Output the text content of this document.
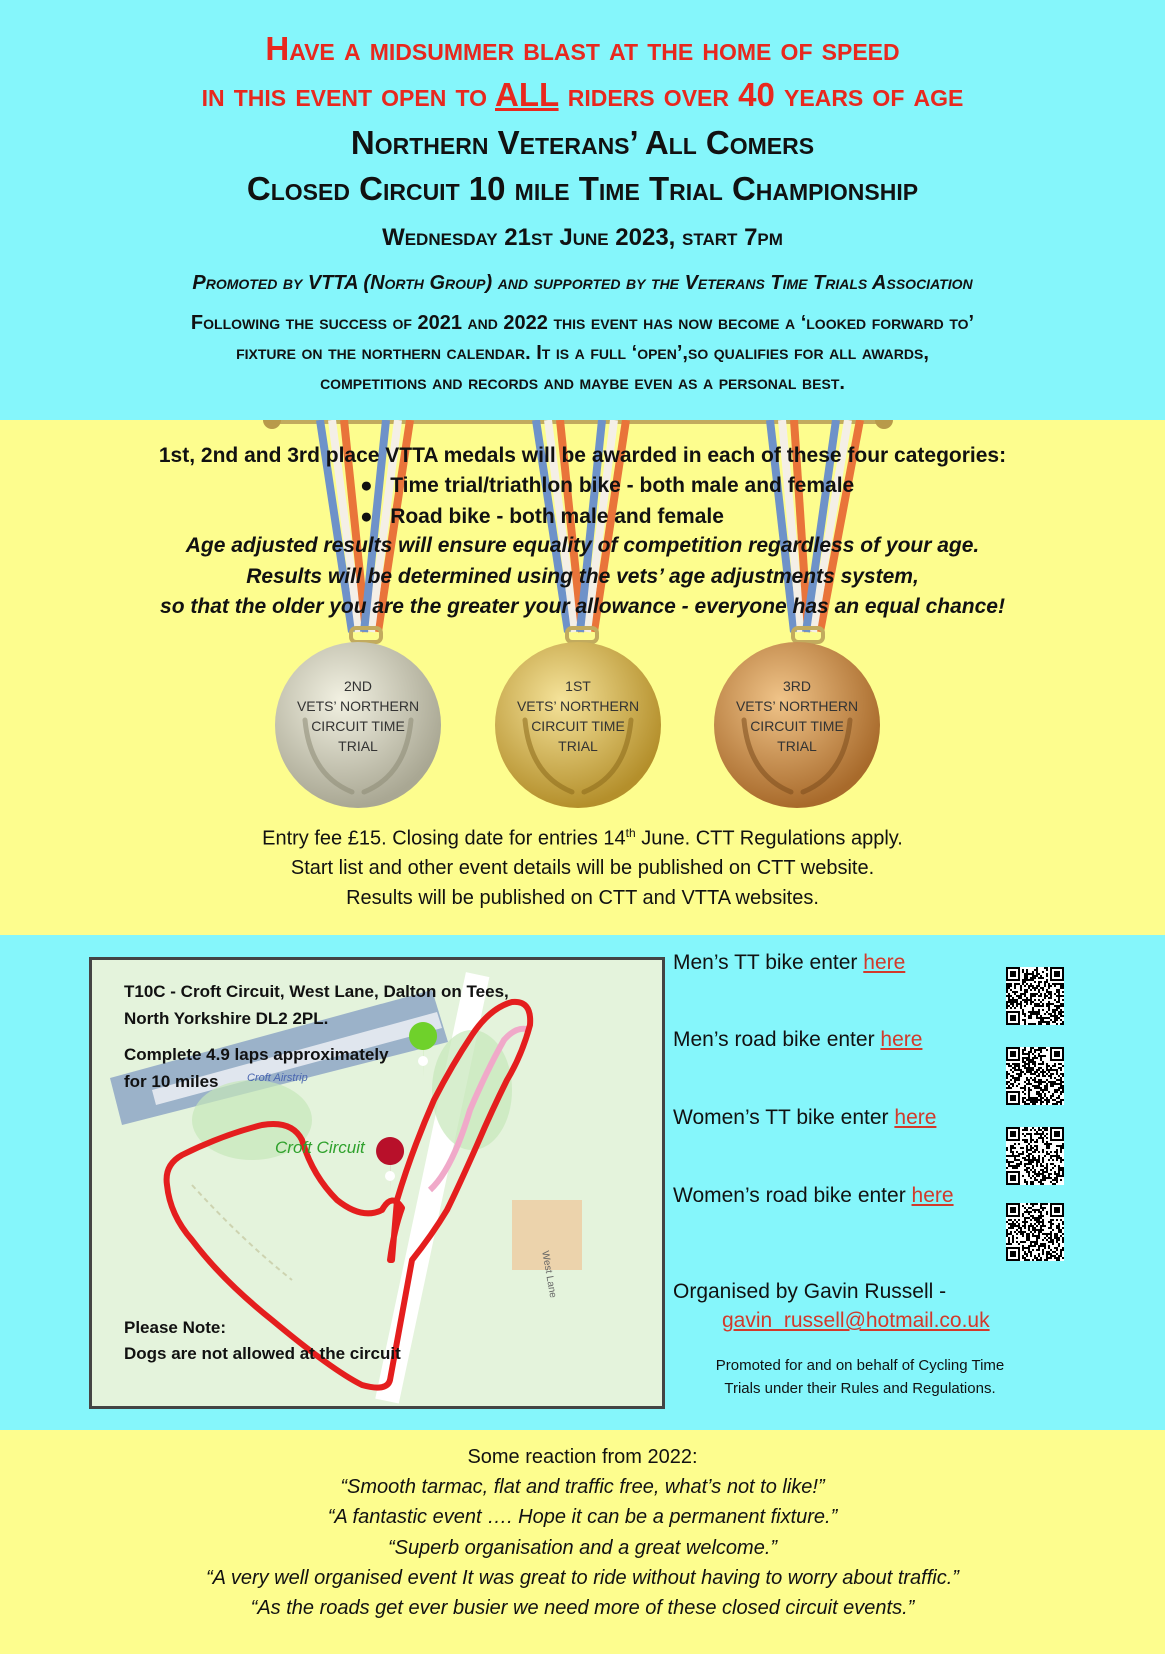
Have a midsummer blast at the home of speed
in this event open to ALL riders over 40 years of age
Northern Veterans’ All Comers
Closed Circuit 10 mile Time Trial Championship
Wednesday 21st June 2023, start 7pm
Promoted by VTTA (North Group) and supported by the Veterans Time Trials Association
Following the success of 2021 and 2022 this event has now become a ‘looked forward to’
fixture on the northern calendar. It is a full ‘open’,so qualifies for all awards,
competitions and records and maybe even as a personal best.
1st, 2nd and 3rd place VTTA medals will be awarded in each of these four categories:
●   Time trial/triathlon bike - both male and female
●   Road bike - both male and female
Age adjusted results will ensure equality of competition regardless of your age.
Results will be determined using the vets’ age adjustments system,
so that the older you are the greater your allowance - everyone has an equal chance!
2ND
VETS’ NORTHERN
CIRCUIT TIME
TRIAL
1ST
VETS’ NORTHERN
CIRCUIT TIME
TRIAL
3RD
VETS’ NORTHERN
CIRCUIT TIME
TRIAL
Entry fee £15. Closing date for entries 14th June. CTT Regulations apply.
Start list and other event details will be published on CTT website.
Results will be published on CTT and VTTA websites.
T10C - Croft Circuit, West Lane, Dalton on Tees,
North Yorkshire DL2 2PL.
Complete 4.9 laps approximately
for 10 miles	Croft Airstrip
Croft Circuit
West Lane
Please Note:
Dogs are not allowed at the circuit
Men’s TT bike enter here
Men’s road bike enter here
Women’s TT bike enter here
Women’s road bike enter here
Organised by Gavin Russell -
gavin_russell@hotmail.co.uk
Promoted for and on behalf of Cycling Time
Trials under their Rules and Regulations.
Some reaction from 2022:
“Smooth tarmac, flat and traffic free, what’s not to like!”
“A fantastic event …. Hope it can be a permanent fixture.”
“Superb organisation and a great welcome.”
“A very well organised event It was great to ride without having to worry about traffic.”
“As the roads get ever busier we need more of these closed circuit events.”
